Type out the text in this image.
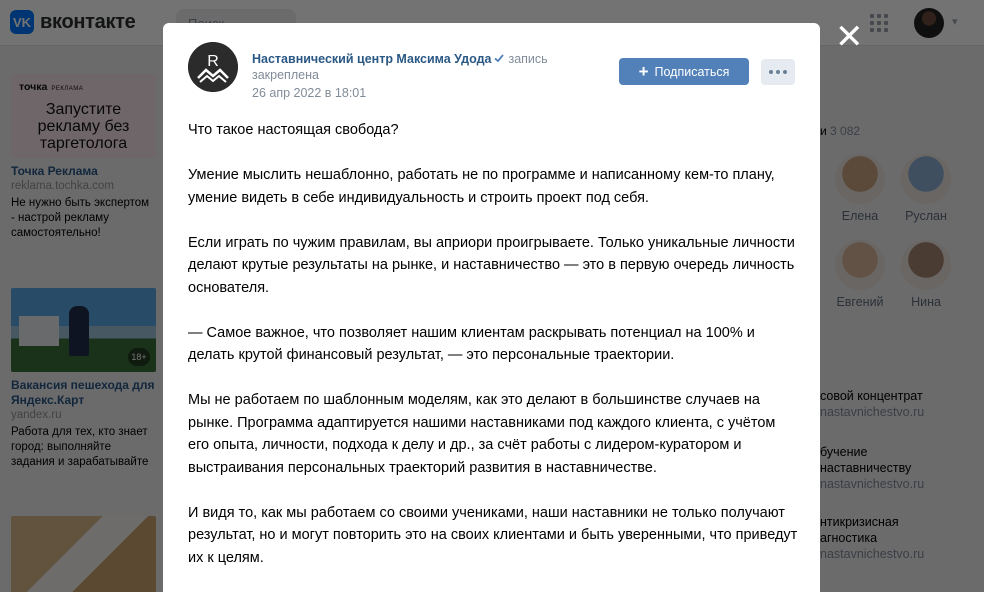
✕
R	Наставнический центр Максима Удода запись закреплена
26 апр 2022 в 18:01
+ Подписаться

Что такое настоящая свобода?

Умение мыслить нешаблонно, работать не по программе и написанному кем-то плану, умение видеть в себе индивидуальность и строить проект под себя.

Если играть по чужим правилам, вы априори проигрываете. Только уникальные личности делают крутые результаты на рынке, и наставничество — это в первую очередь личность основателя.

— Самое важное, что позволяет нашим клиентам раскрывать потенциал на 100% и делать крутой финансовый результат, — это персональные траектории.

Мы не работаем по шаблонным моделям, как это делают в большинстве случаев на рынке. Программа адаптируется нашими наставниками под каждого клиента, с учётом его опыта, личности, подхода к делу и др., за счёт работы с лидером-куратором и выстраивания персональных траекторий развития в наставничестве.

И видя то, как мы работаем со своими учениками, наши наставники не только получают результат, но и могут повторить это на своих клиентами и быть уверенными, что приведут их к целям.
